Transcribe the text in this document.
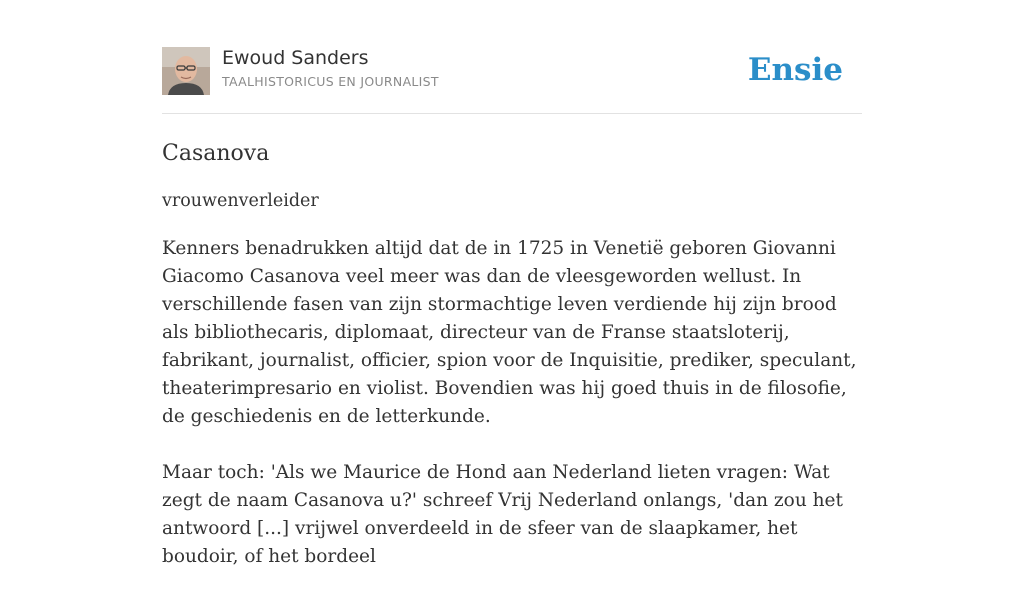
Ewoud Sanders
TAALHISTORICUS EN JOURNALIST	Ensie
Casanova
vrouwenverleider

Kenners benadrukken altijd dat de in 1725 in Venetië geboren Giovanni Giacomo Casanova veel meer was dan de vleesgeworden wellust. In verschillende fasen van zijn stormachtige leven verdiende hij zijn brood als bibliothecaris, diplomaat, directeur van de Franse staatsloterij, fabrikant, journalist, officier, spion voor de Inquisitie, prediker, speculant, theaterimpresario en violist. Bovendien was hij goed thuis in de filosofie, de geschiedenis en de letterkunde.

Maar toch: 'Als we Maurice de Hond aan Nederland lieten vragen: Wat zegt de naam Casanova u?' schreef Vrij Nederland onlangs, 'dan zou het antwoord [...] vrijwel onverdeeld in de sfeer van de slaapkamer, het boudoir, of het bordeel
